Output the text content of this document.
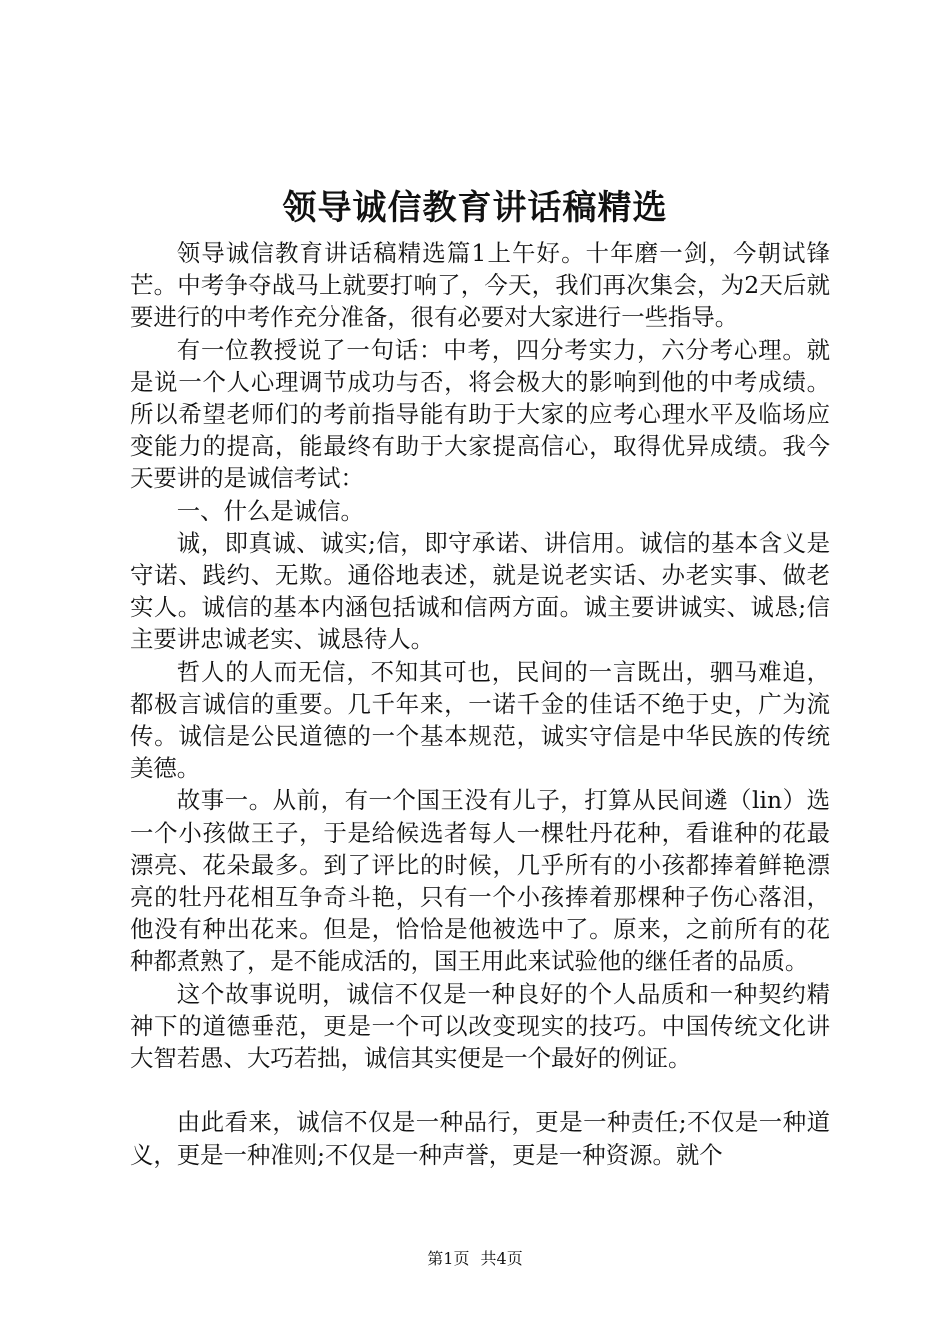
领导诚信教育讲话稿精选

领导诚信教育讲话稿精选篇1上午好。十年磨一剑，今朝试锋芒。中考争夺战马上就要打响了，今天，我们再次集会，为2天后就要进行的中考作充分准备，很有必要对大家进行一些指导。

有一位教授说了一句话：中考，四分考实力，六分考心理。就是说一个人心理调节成功与否，将会极大的影响到他的中考成绩。所以希望老师们的考前指导能有助于大家的应考心理水平及临场应变能力的提高，能最终有助于大家提高信心，取得优异成绩。我今天要讲的是诚信考试：

一、什么是诚信。

诚，即真诚、诚实;信，即守承诺、讲信用。诚信的基本含义是守诺、践约、无欺。通俗地表述，就是说老实话、办老实事、做老实人。诚信的基本内涵包括诚和信两方面。诚主要讲诚实、诚恳;信主要讲忠诚老实、诚恳待人。

哲人的人而无信，不知其可也，民间的一言既出，驷马难追，都极言诚信的重要。几千年来，一诺千金的佳话不绝于史，广为流传。诚信是公民道德的一个基本规范，诚实守信是中华民族的传统美德。

故事一。从前，有一个国王没有儿子，打算从民间遴（lin）选一个小孩做王子，于是给候选者每人一棵牡丹花种，看谁种的花最漂亮、花朵最多。到了评比的时候，几乎所有的小孩都捧着鲜艳漂亮的牡丹花相互争奇斗艳，只有一个小孩捧着那棵种子伤心落泪，他没有种出花来。但是，恰恰是他被选中了。原来，之前所有的花种都煮熟了，是不能成活的，国王用此来试验他的继任者的品质。

这个故事说明，诚信不仅是一种良好的个人品质和一种契约精神下的道德垂范，更是一个可以改变现实的技巧。中国传统文化讲大智若愚、大巧若拙，诚信其实便是一个最好的例证。

由此看来，诚信不仅是一种品行，更是一种责任;不仅是一种道义，更是一种准则;不仅是一种声誉，更是一种资源。就个

第1页 共4页
